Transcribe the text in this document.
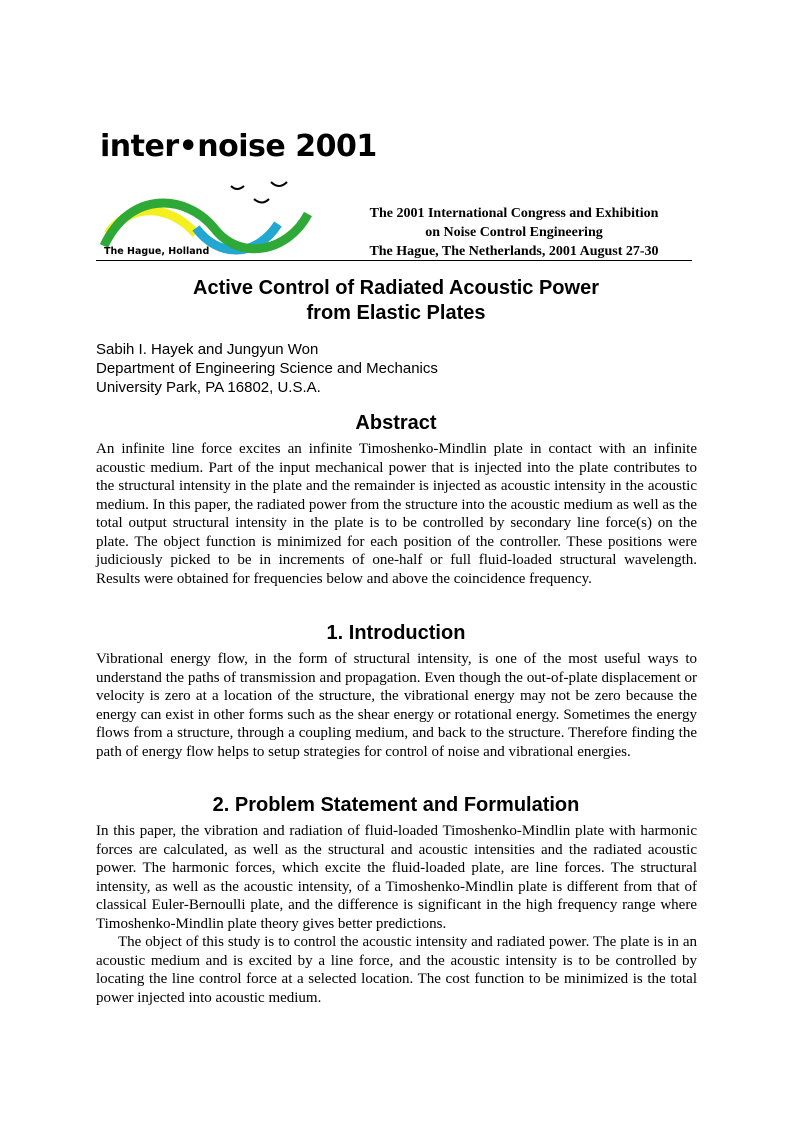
inter•noise 2001
The Hague, Holland
The 2001 International Congress and Exhibition
on Noise Control Engineering
The Hague, The Netherlands, 2001 August 27-30
Active Control of Radiated Acoustic Power
from Elastic Plates
Sabih I. Hayek and Jungyun Won
Department of Engineering Science and Mechanics
University Park, PA 16802, U.S.A.
Abstract

An infinite line force excites an infinite Timoshenko-Mindlin plate in contact with an infinite acoustic medium. Part of the input mechanical power that is injected into the plate contributes to the structural intensity in the plate and the remainder is injected as acoustic intensity in the acoustic medium. In this paper, the radiated power from the structure into the acoustic medium as well as the total output structural intensity in the plate is to be controlled by secondary line force(s) on the plate. The object function is minimized for each position of the controller. These positions were judiciously picked to be in increments of one-half or full fluid-loaded structural wavelength. Results were obtained for frequencies below and above the coincidence frequency.

1. Introduction

Vibrational energy flow, in the form of structural intensity, is one of the most useful ways to understand the paths of transmission and propagation. Even though the out-of-plate displacement or velocity is zero at a location of the structure, the vibrational energy may not be zero because the energy can exist in other forms such as the shear energy or rotational energy. Sometimes the energy flows from a structure, through a coupling medium, and back to the structure. Therefore finding the path of energy flow helps to setup strategies for control of noise and vibrational energies.

2. Problem Statement and Formulation

In this paper, the vibration and radiation of fluid-loaded Timoshenko-Mindlin plate with harmonic forces are calculated, as well as the structural and acoustic intensities and the radiated acoustic power. The harmonic forces, which excite the fluid-loaded plate, are line forces. The structural intensity, as well as the acoustic intensity, of a Timoshenko-Mindlin plate is different from that of classical Euler-Bernoulli plate, and the difference is significant in the high frequency range where Timoshenko-Mindlin plate theory gives better predictions.

The object of this study is to control the acoustic intensity and radiated power. The plate is in an acoustic medium and is excited by a line force, and the acoustic intensity is to be controlled by locating the line control force at a selected location. The cost function to be minimized is the total power injected into acoustic medium.
